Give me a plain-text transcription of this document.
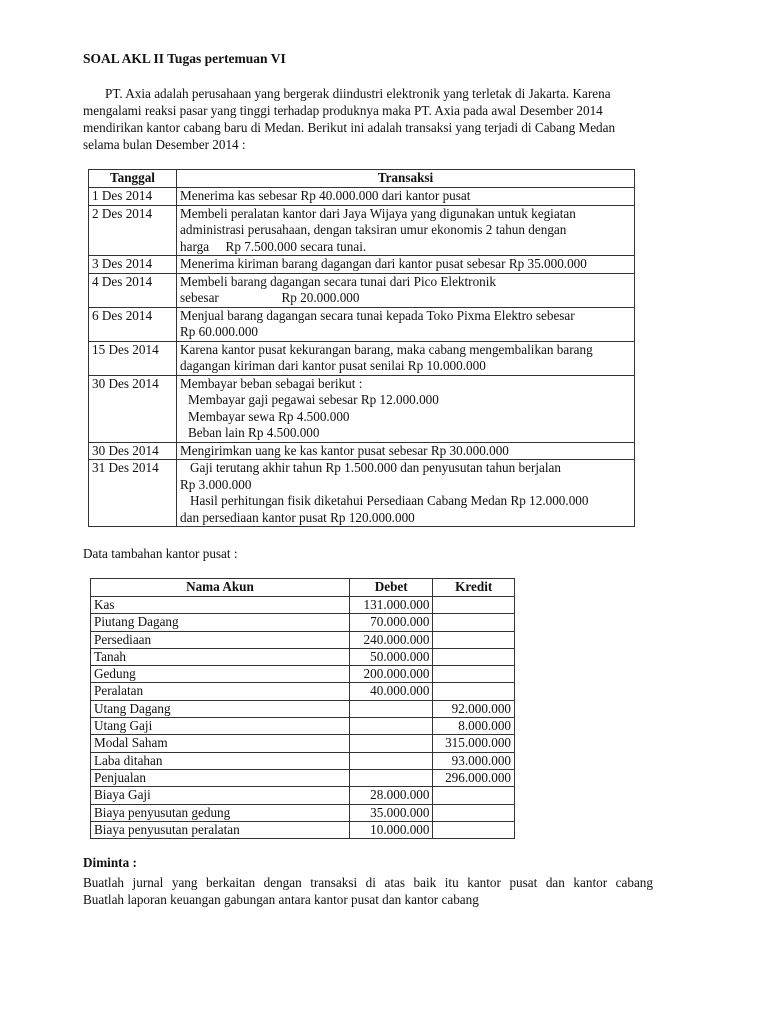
SOAL AKL II Tugas pertemuan VI

PT. Axia adalah perusahaan yang bergerak diindustri elektronik yang terletak di Jakarta. Karena mengalami reaksi pasar yang tinggi terhadap produknya maka PT. Axia pada awal Desember 2014 mendirikan kantor cabang baru di Medan. Berikut ini adalah transaksi yang terjadi di Cabang Medan selama bulan Desember 2014 :

Tanggal	Transaksi
1 Des 2014	Menerima kas sebesar Rp 40.000.000 dari kantor pusat

2 Des 2014	Membeli peralatan kantor dari Jaya Wijaya yang digunakan untuk kegiatan
administrasi perusahaan, dengan taksiran umur ekonomis 2 tahun dengan
harga     Rp 7.500.000 secara tunai.

3 Des 2014	Menerima kiriman barang dagangan dari kantor pusat sebesar Rp 35.000.000

4 Des 2014	Membeli barang dagangan secara tunai dari Pico Elektronik
sebesar                   Rp 20.000.000

6 Des 2014	Menjual barang dagangan secara tunai kepada Toko Pixma Elektro sebesar
Rp 60.000.000

15 Des 2014	Karena kantor pusat kekurangan barang, maka cabang mengembalikan barang
dagangan kiriman dari kantor pusat senilai Rp 10.000.000

30 Des 2014	Membayar beban sebagai berikut :
Membayar gaji pegawai sebesar Rp 12.000.000
Membayar sewa Rp 4.500.000
Beban lain Rp 4.500.000

30 Des 2014	Mengirimkan uang ke kas kantor pusat sebesar Rp 30.000.000

31 Des 2014	Gaji terutang akhir tahun Rp 1.500.000 dan penyusutan tahun berjalan
Rp 3.000.000
Hasil perhitungan fisik diketahui Persediaan Cabang Medan Rp 12.000.000
dan persediaan kantor pusat Rp 120.000.000
Data tambahan kantor pusat :
Nama Akun	Debet	Kredit
Kas	131.000.000	
Piutang Dagang	70.000.000	
Persediaan	240.000.000	
Tanah	50.000.000	
Gedung	200.000.000	
Peralatan	40.000.000	
Utang Dagang		92.000.000
Utang Gaji		8.000.000
Modal Saham		315.000.000
Laba ditahan		93.000.000
Penjualan		296.000.000
Biaya Gaji	28.000.000	
Biaya penyusutan gedung	35.000.000	
Biaya penyusutan peralatan	10.000.000	
Diminta :
Buatlah jurnal yang berkaitan dengan transaksi di atas baik itu kantor pusat dan kantor cabang
Buatlah laporan keuangan gabungan antara kantor pusat dan kantor cabang
